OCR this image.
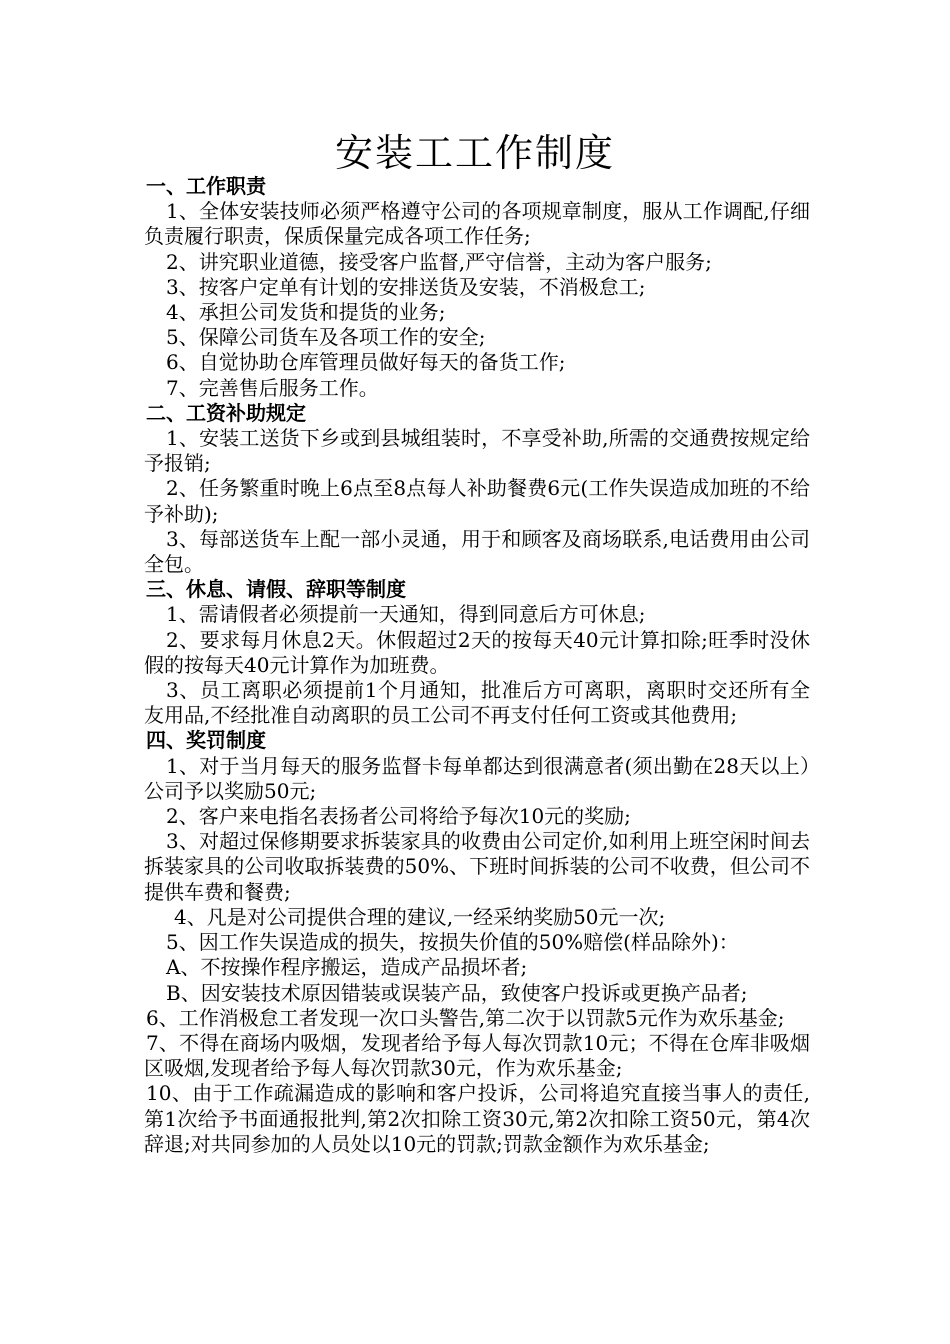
安装工工作制度

一、工作职责

1、全体安装技师必须严格遵守公司的各项规章制度，服从工作调配,仔细负责履行职责，保质保量完成各项工作任务;

2、讲究职业道德，接受客户监督,严守信誉，主动为客户服务;

3、按客户定单有计划的安排送货及安装，不消极怠工;

4、承担公司发货和提货的业务;

5、保障公司货车及各项工作的安全;

6、自觉协助仓库管理员做好每天的备货工作;

7、完善售后服务工作。

二、工资补助规定

1、安装工送货下乡或到县城组装时，不享受补助,所需的交通费按规定给予报销;

2、任务繁重时晚上6点至8点每人补助餐费6元(工作失误造成加班的不给予补助);

3、每部送货车上配一部小灵通，用于和顾客及商场联系,电话费用由公司全包。

三、休息、请假、辞职等制度

1、需请假者必须提前一天通知，得到同意后方可休息;

2、要求每月休息2天。休假超过2天的按每天40元计算扣除;旺季时没休假的按每天40元计算作为加班费。

3、员工离职必须提前1个月通知，批准后方可离职，离职时交还所有全友用品,不经批准自动离职的员工公司不再支付任何工资或其他费用;

四、奖罚制度

1、对于当月每天的服务监督卡每单都达到很满意者(须出勤在28天以上）公司予以奖励50元;

2、客户来电指名表扬者公司将给予每次10元的奖励;

3、对超过保修期要求拆装家具的收费由公司定价,如利用上班空闲时间去拆装家具的公司收取拆装费的50%、下班时间拆装的公司不收费，但公司不提供车费和餐费;

4、凡是对公司提供合理的建议,一经采纳奖励50元一次;

5、因工作失误造成的损失，按损失价值的50%赔偿(样品除外)：

A、不按操作程序搬运，造成产品损坏者;

B、因安装技术原因错装或误装产品，致使客户投诉或更换产品者;

6、工作消极怠工者发现一次口头警告,第二次于以罚款5元作为欢乐基金;

7、不得在商场内吸烟，发现者给予每人每次罚款10元；不得在仓库非吸烟区吸烟,发现者给予每人每次罚款30元，作为欢乐基金;

10、由于工作疏漏造成的影响和客户投诉，公司将追究直接当事人的责任,第1次给予书面通报批判,第2次扣除工资30元,第2次扣除工资50元，第4次辞退;对共同参加的人员处以10元的罚款;罚款金额作为欢乐基金;
